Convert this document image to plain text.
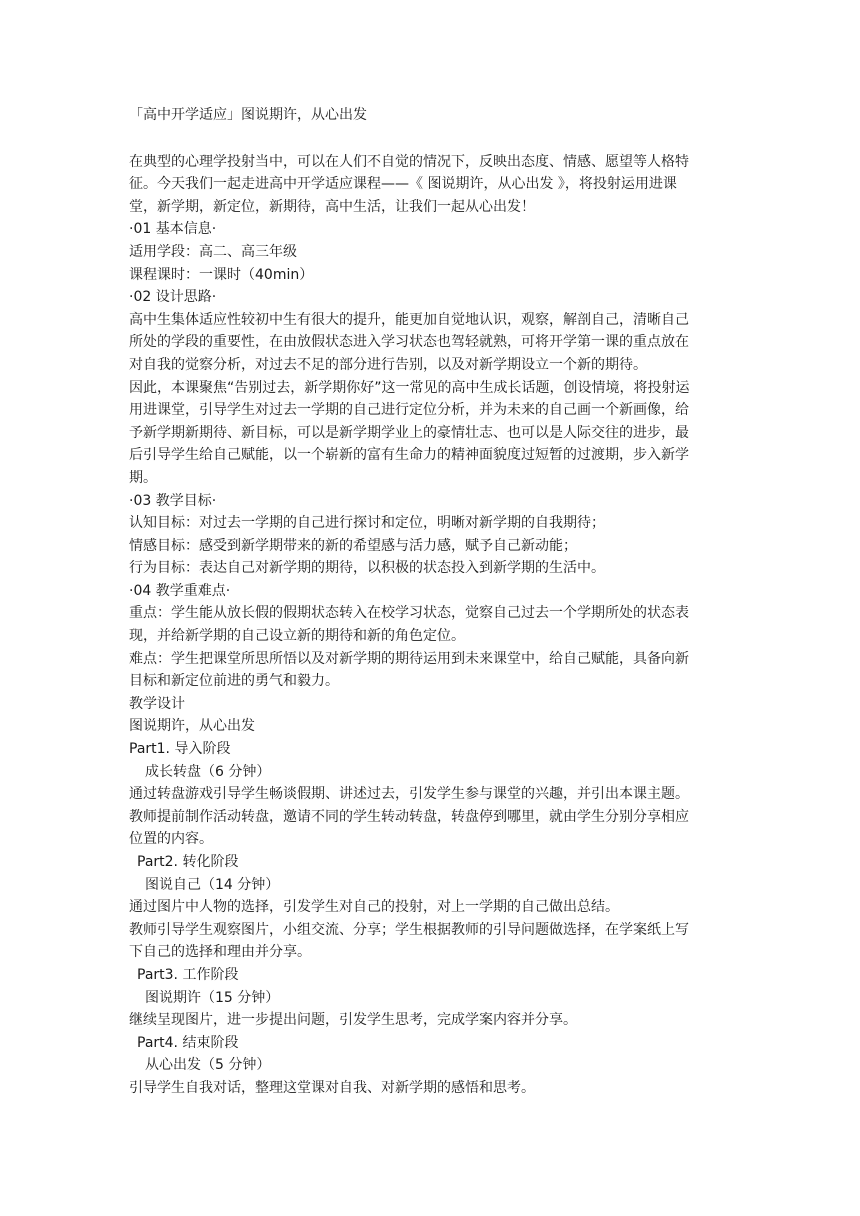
「高中开学适应」图说期许，从心出发
在典型的心理学投射当中，可以在人们不自觉的情况下，反映出态度、情感、愿望等人格特
征。今天我们一起走进高中开学适应课程——《 图说期许，从心出发 》，将投射运用进课
堂，新学期，新定位，新期待，高中生活，让我们一起从心出发！
·01 基本信息·
适用学段：高二、高三年级
课程课时：一课时（40min）
·02 设计思路·
高中生集体适应性较初中生有很大的提升，能更加自觉地认识，观察，解剖自己，清晰自己
所处的学段的重要性，在由放假状态进入学习状态也驾轻就熟，可将开学第一课的重点放在
对自我的觉察分析，对过去不足的部分进行告别，以及对新学期设立一个新的期待。
因此，本课聚焦“告别过去，新学期你好”这一常见的高中生成长话题，创设情境，将投射运
用进课堂，引导学生对过去一学期的自己进行定位分析，并为未来的自己画一个新画像，给
予新学期新期待、新目标，可以是新学期学业上的豪情壮志、也可以是人际交往的进步，最
后引导学生给自己赋能，以一个崭新的富有生命力的精神面貌度过短暂的过渡期，步入新学
期。
·03 教学目标·
认知目标：对过去一学期的自己进行探讨和定位，明晰对新学期的自我期待；
情感目标：感受到新学期带来的新的希望感与活力感，赋予自己新动能；
行为目标：表达自己对新学期的期待，以积极的状态投入到新学期的生活中。
·04 教学重难点·
重点：学生能从放长假的假期状态转入在校学习状态，觉察自己过去一个学期所处的状态表
现，并给新学期的自己设立新的期待和新的角色定位。
难点：学生把课堂所思所悟以及对新学期的期待运用到未来课堂中，给自己赋能，具备向新
目标和新定位前进的勇气和毅力。
教学设计
图说期许，从心出发
Part1. 导入阶段
成长转盘（6 分钟）
通过转盘游戏引导学生畅谈假期、讲述过去，引发学生参与课堂的兴趣，并引出本课主题。
教师提前制作活动转盘，邀请不同的学生转动转盘，转盘停到哪里，就由学生分别分享相应
位置的内容。
Part2. 转化阶段
图说自己（14 分钟）
通过图片中人物的选择，引发学生对自己的投射，对上一学期的自己做出总结。
教师引导学生观察图片，小组交流、分享；学生根据教师的引导问题做选择，在学案纸上写
下自己的选择和理由并分享。
Part3. 工作阶段
图说期许（15 分钟）
继续呈现图片，进一步提出问题，引发学生思考，完成学案内容并分享。
Part4. 结束阶段
从心出发（5 分钟）
引导学生自我对话，整理这堂课对自我、对新学期的感悟和思考。
